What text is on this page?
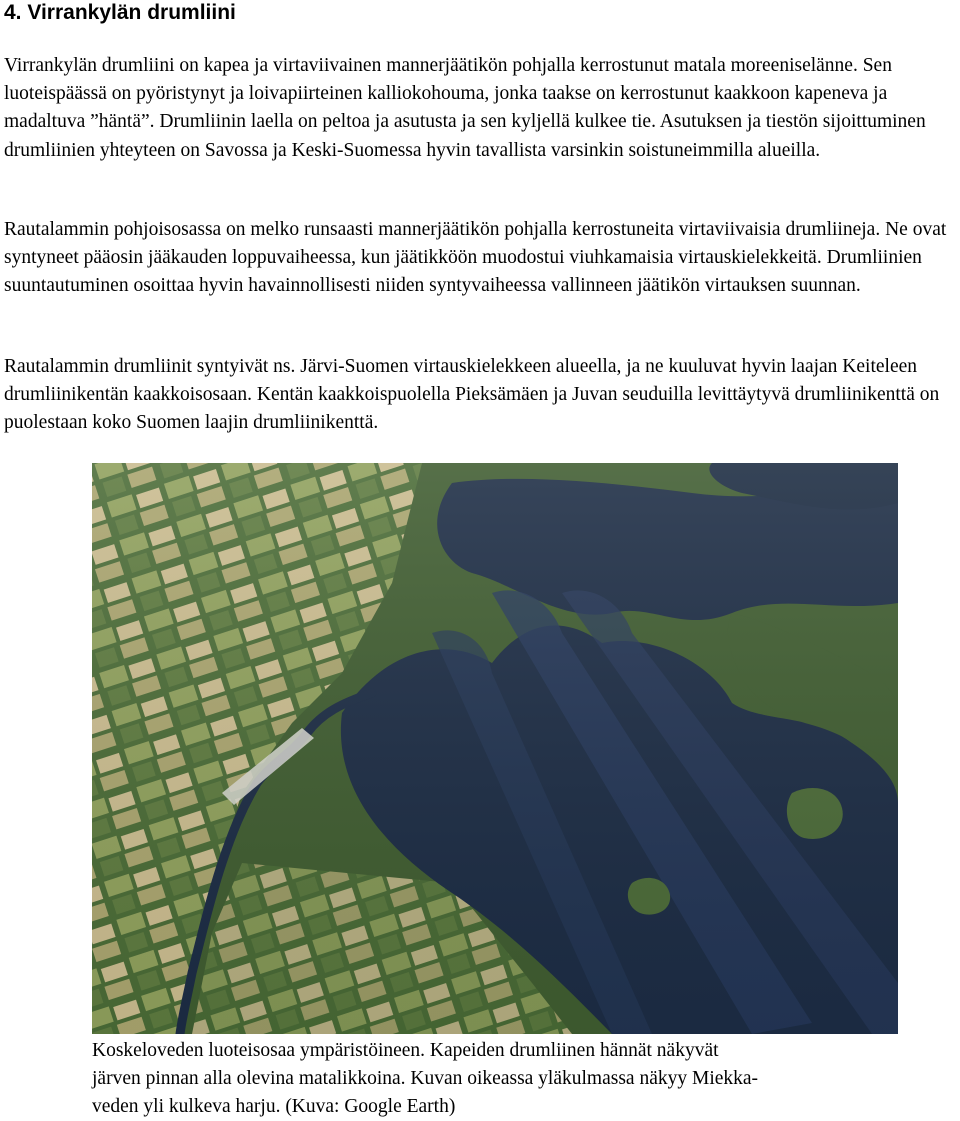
4. Virrankylän drumliini

Virrankylän drumliini on kapea ja virtaviivainen mannerjäätikön pohjalla kerrostunut matala moreeniselänne. Sen luoteispäässä on pyöristynyt ja loivapiirteinen kalliokohouma, jonka taakse on kerrostunut kaakkoon kapeneva ja madaltuva ”häntä”. Drumliinin laella on peltoa ja asutusta ja sen kyljellä kulkee tie. Asutuksen ja tiestön sijoittuminen drumliinien yhteyteen on Savossa ja Keski-Suomessa hyvin tavallista varsinkin soistuneimmilla alueilla.

Rautalammin pohjoisosassa on melko runsaasti mannerjäätikön pohjalla kerrostuneita virtaviivaisia drumliineja. Ne ovat syntyneet pääosin jääkauden loppuvaiheessa, kun jäätikköön muodostui viuhkamaisia virtauskielekkeitä. Drumliinien suuntautuminen osoittaa hyvin havainnollisesti niiden syntyvaiheessa vallinneen jäätikön virtauksen suunnan.

Rautalammin drumliinit syntyivät ns. Järvi-Suomen virtauskielekkeen alueella, ja ne kuuluvat hyvin laajan Keiteleen drumliinikentän kaakkoisosaan. Kentän kaakkoispuolella Pieksämäen ja Juvan seuduilla levittäytyvä drumliinikenttä on puolestaan koko Suomen laajin drumliinikenttä.

Koskeloveden luoteisosaa ympäristöineen. Kapeiden drumliinen hännät näkyvät
järven pinnan alla olevina matalikkoina. Kuvan oikeassa yläkulmassa näkyy Miekka-
veden yli kulkeva harju. (Kuva: Google Earth)
